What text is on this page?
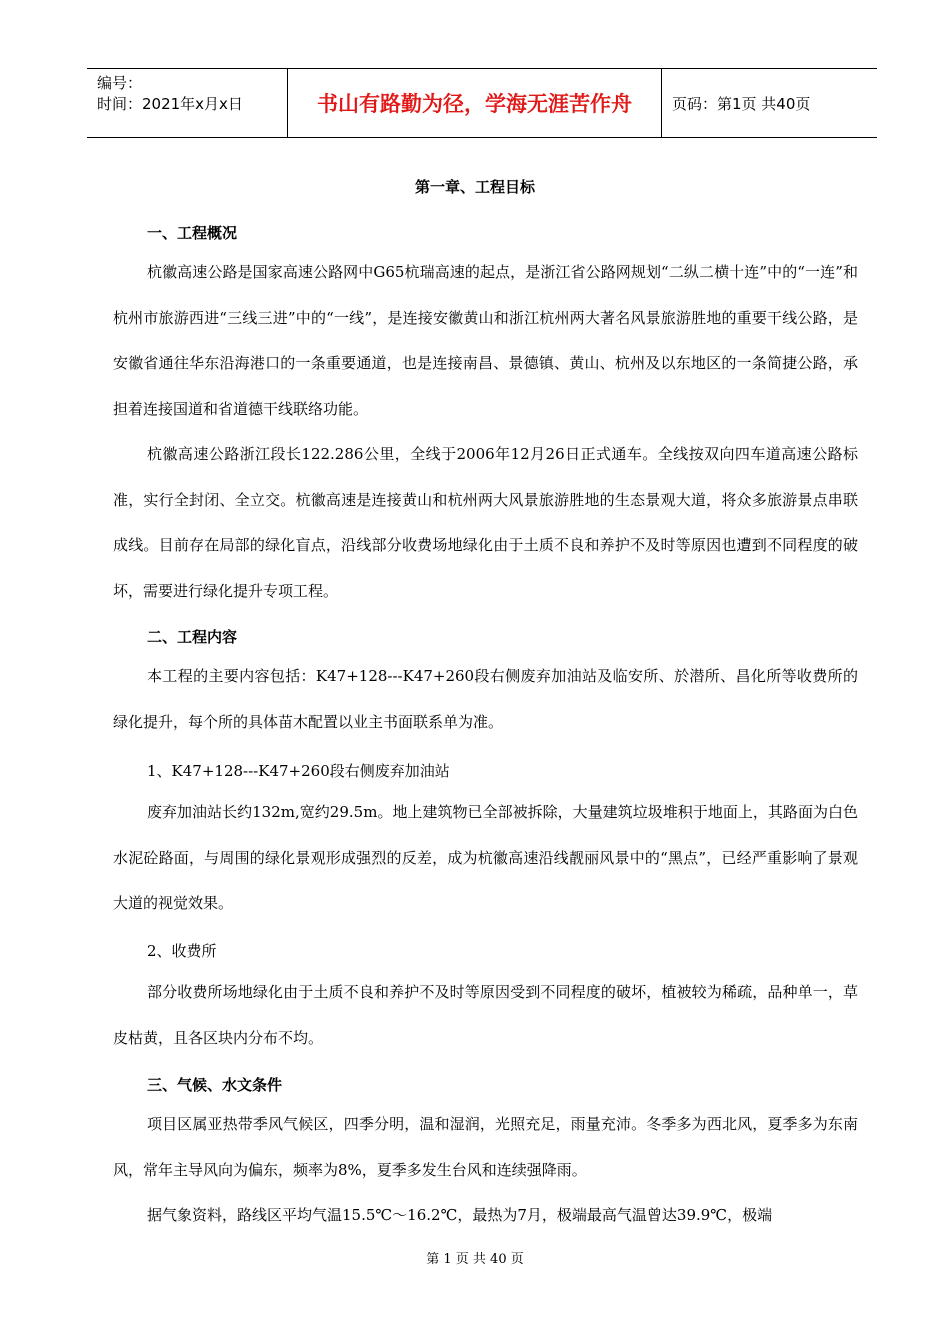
编号：
时间：2021年x月x日	书山有路勤为径，学海无涯苦作舟	页码：第1页 共40页
第一章、工程目标
一、工程概况

杭徽高速公路是国家高速公路网中G65杭瑞高速的起点，是浙江省公路网规划“二纵二横十连”中的“一连”和杭州市旅游西进“三线三进”中的“一线”，是连接安徽黄山和浙江杭州两大著名风景旅游胜地的重要干线公路，是安徽省通往华东沿海港口的一条重要通道，也是连接南昌、景德镇、黄山、杭州及以东地区的一条简捷公路，承担着连接国道和省道德干线联络功能。

杭徽高速公路浙江段长122.286公里，全线于2006年12月26日正式通车。全线按双向四车道高速公路标准，实行全封闭、全立交。杭徽高速是连接黄山和杭州两大风景旅游胜地的生态景观大道，将众多旅游景点串联成线。目前存在局部的绿化盲点，沿线部分收费场地绿化由于土质不良和养护不及时等原因也遭到不同程度的破坏，需要进行绿化提升专项工程。

二、工程内容

本工程的主要内容包括：K47+128---K47+260段右侧废弃加油站及临安所、於潜所、昌化所等收费所的绿化提升，每个所的具体苗木配置以业主书面联系单为准。

1、K47+128---K47+260段右侧废弃加油站

废弃加油站长约132m,宽约29.5m。地上建筑物已全部被拆除，大量建筑垃圾堆积于地面上，其路面为白色水泥砼路面，与周围的绿化景观形成强烈的反差，成为杭徽高速沿线靓丽风景中的“黑点”，已经严重影响了景观大道的视觉效果。

2、收费所

部分收费所场地绿化由于土质不良和养护不及时等原因受到不同程度的破坏，植被较为稀疏，品种单一，草皮枯黄，且各区块内分布不均。

三、气候、水文条件

项目区属亚热带季风气候区，四季分明，温和湿润，光照充足，雨量充沛。冬季多为西北风，夏季多为东南风，常年主导风向为偏东，频率为8%，夏季多发生台风和连续强降雨。

据气象资料，路线区平均气温15.5℃～16.2℃，最热为7月，极端最高气温曾达39.9℃，极端

第 1 页 共 40 页
